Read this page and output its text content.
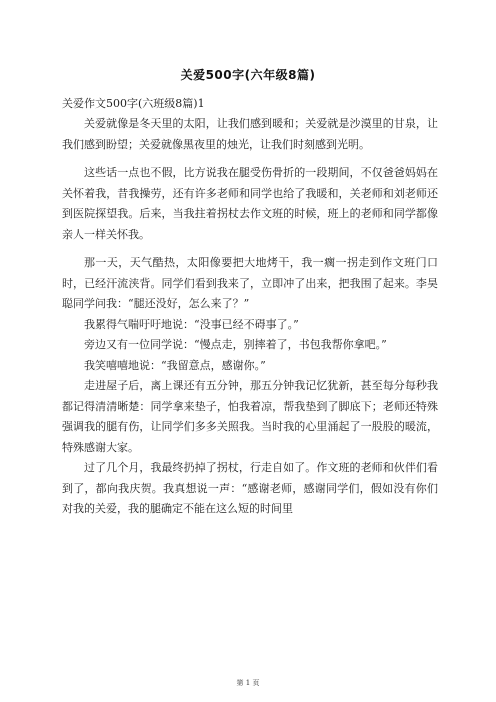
关爱500字(六年级8篇)
关爱作文500字(六班级8篇)1

关爱就像是冬天里的太阳，让我们感到暖和；关爱就是沙漠里的甘泉，让我们感到盼望；关爱就像黑夜里的烛光，让我们时刻感到光明。

这些话一点也不假，比方说我在腿受伤骨折的一段期间，不仅爸爸妈妈在关怀着我，昔我操劳，还有许多老师和同学也给了我暖和，关老师和刘老师还到医院探望我。后来，当我拄着拐杖去作文班的时候，班上的老师和同学都像亲人一样关怀我。

那一天，天气酷热，太阳像要把大地烤干，我一瘸一拐走到作文班门口时，已经汗流浃背。同学们看到我来了，立即冲了出来，把我围了起来。李昊聪同学问我：“腿还没好，怎么来了？”

我累得气喘吁吁地说：“没事已经不碍事了。”

旁边又有一位同学说：“慢点走，别摔着了，书包我帮你拿吧。”

我笑嘻嘻地说：“我留意点，感谢你。”

走进屋子后，离上课还有五分钟，那五分钟我记忆犹新，甚至每分每秒我都记得清清晰楚：同学拿来垫子，怕我着凉，帮我垫到了脚底下；老师还特殊强调我的腿有伤，让同学们多多关照我。当时我的心里涌起了一股股的暖流，特殊感谢大家。

过了几个月，我最终扔掉了拐杖，行走自如了。作文班的老师和伙伴们看到了，都向我庆贺。我真想说一声：“感谢老师，感谢同学们，假如没有你们对我的关爱，我的腿确定不能在这么短的时间里

第 1 页
